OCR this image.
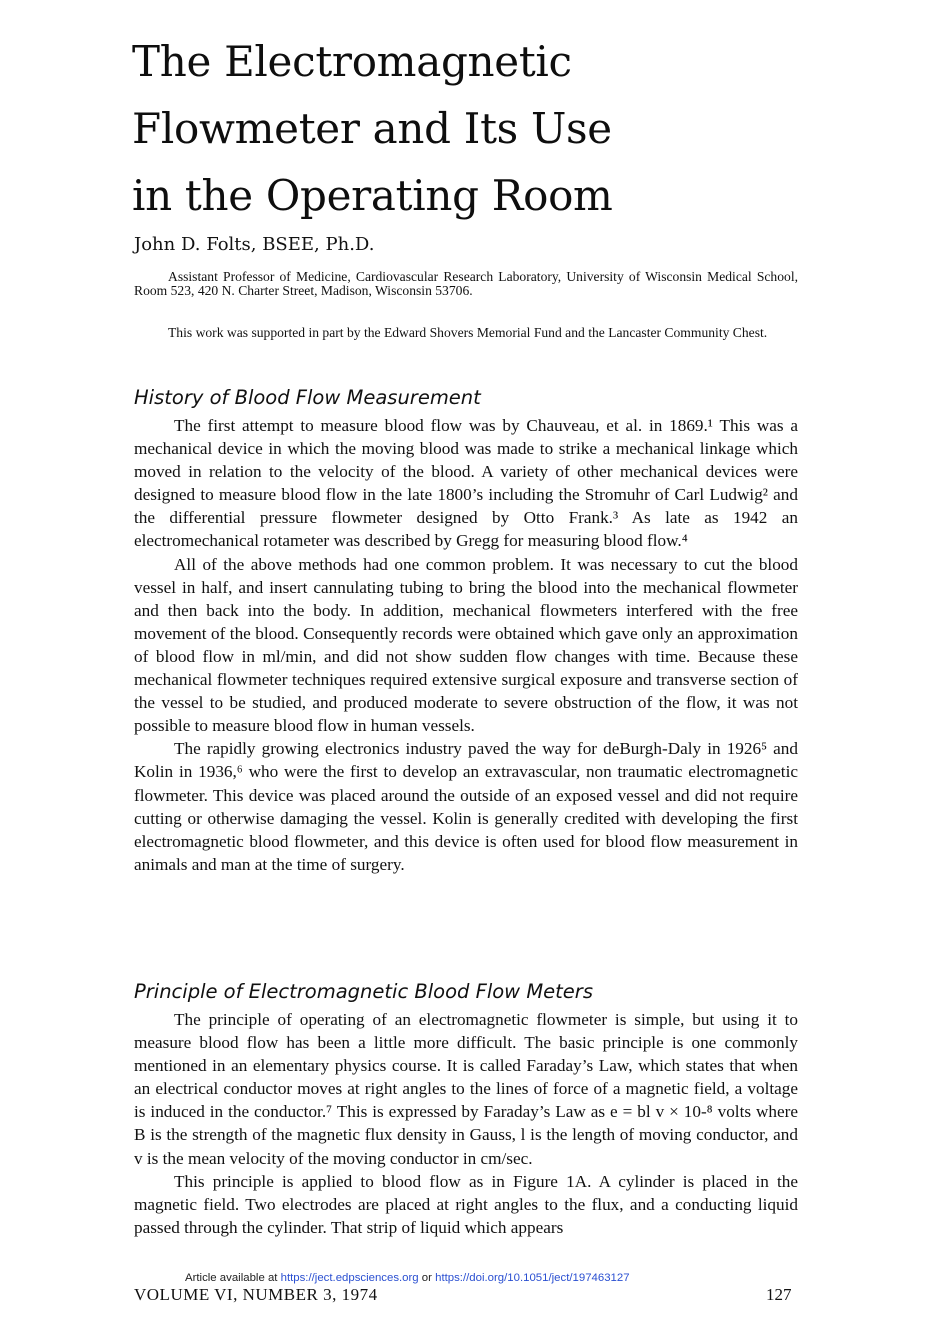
The Electromagnetic
Flowmeter and Its Use
in the Operating Room

John D. Folts, BSEE, Ph.D.

Assistant Professor of Medicine, Cardiovascular Research Laboratory, University of Wisconsin Medical School, Room 523, 420 N. Charter Street, Madison, Wisconsin 53706.

This work was supported in part by the Edward Shovers Memorial Fund and the Lancaster Community Chest.

History of Blood Flow Measurement

The first attempt to measure blood flow was by Chauveau, et al. in 1869.¹ This was a mechanical device in which the moving blood was made to strike a mechanical linkage which moved in relation to the velocity of the blood. A variety of other mechanical devices were designed to measure blood flow in the late 1800’s including the Stromuhr of Carl Ludwig² and the differential pressure flowmeter designed by Otto Frank.³ As late as 1942 an electromechanical rotameter was described by Gregg for measuring blood flow.⁴

All of the above methods had one common problem. It was necessary to cut the blood vessel in half, and insert cannulating tubing to bring the blood into the mechanical flowmeter and then back into the body. In addition, mechanical flowmeters interfered with the free movement of the blood. Consequently records were obtained which gave only an approximation of blood flow in ml/min, and did not show sudden flow changes with time. Because these mechanical flowmeter techniques required extensive surgical exposure and transverse section of the vessel to be studied, and produced moderate to severe obstruction of the flow, it was not possible to measure blood flow in human vessels.

The rapidly growing electronics industry paved the way for deBurgh-Daly in 1926⁵ and Kolin in 1936,⁶ who were the first to develop an extravascular, non traumatic electromagnetic flowmeter. This device was placed around the outside of an exposed vessel and did not require cutting or otherwise damaging the vessel. Kolin is generally credited with developing the first electromagnetic blood flowmeter, and this device is often used for blood flow measurement in animals and man at the time of surgery.

Principle of Electromagnetic Blood Flow Meters

The principle of operating of an electromagnetic flowmeter is simple, but using it to measure blood flow has been a little more difficult. The basic principle is one commonly mentioned in an elementary physics course. It is called Faraday’s Law, which states that when an electrical conductor moves at right angles to the lines of force of a magnetic field, a voltage is induced in the conductor.⁷ This is expressed by Faraday’s Law as e = bl v × 10-⁸ volts where B is the strength of the magnetic flux density in Gauss, l is the length of moving conductor, and v is the mean velocity of the moving conductor in cm/sec.

This principle is applied to blood flow as in Figure 1A. A cylinder is placed in the magnetic field. Two electrodes are placed at right angles to the flux, and a conducting liquid passed through the cylinder. That strip of liquid which appears

Article available at https://ject.edpsciences.org or https://doi.org/10.1051/ject/197463127
VOLUME VI, NUMBER 3, 1974	127
